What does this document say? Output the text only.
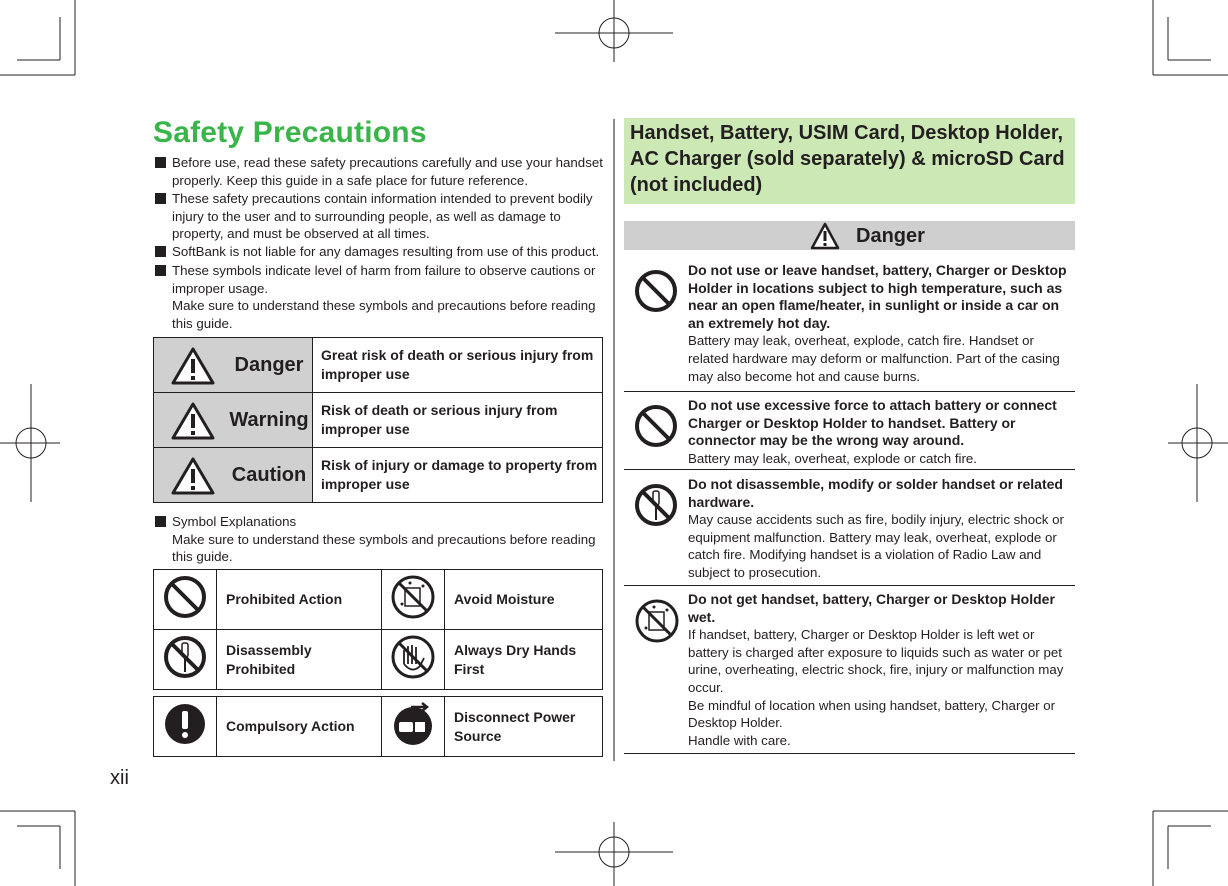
Safety Precautions
Before use, read these safety precautions carefully and use your handset properly. Keep this guide in a safe place for future reference.
These safety precautions contain information intended to prevent bodily injury to the user and to surrounding people, as well as damage to property, and must be observed at all times.
SoftBank is not liable for any damages resulting from use of this product.
These symbols indicate level of harm from failure to observe cautions or improper usage.
Make sure to understand these symbols and precautions before reading this guide.
Danger	Great risk of death or serious injury from improper use

Warning	Risk of death or serious injury from improper use

Caution	Risk of injury or damage to property from improper use
Symbol Explanations
Make sure to understand these symbols and precautions before reading this guide.
	Prohibited Action		Avoid Moisture
	Disassembly Prohibited		Always Dry Hands First
	Compulsory Action		Disconnect Power Source
xii
Handset, Battery, USIM Card, Desktop Holder, AC Charger (sold separately) & microSD Card (not included)
Danger
Do not use or leave handset, battery, Charger or Desktop Holder in locations subject to high temperature, such as near an open flame/heater, in sunlight or inside a car on an extremely hot day.
Battery may leak, overheat, explode, catch fire. Handset or related hardware may deform or malfunction. Part of the casing may also become hot and cause burns.
Do not use excessive force to attach battery or connect Charger or Desktop Holder to handset. Battery or connector may be the wrong way around.
Battery may leak, overheat, explode or catch fire.
Do not disassemble, modify or solder handset or related hardware.
May cause accidents such as fire, bodily injury, electric shock or equipment malfunction. Battery may leak, overheat, explode or catch fire. Modifying handset is a violation of Radio Law and subject to prosecution.
Do not get handset, battery, Charger or Desktop Holder wet.
If handset, battery, Charger or Desktop Holder is left wet or battery is charged after exposure to liquids such as water or pet urine, overheating, electric shock, fire, injury or malfunction may occur.
Be mindful of location when using handset, battery, Charger or Desktop Holder.
Handle with care.
